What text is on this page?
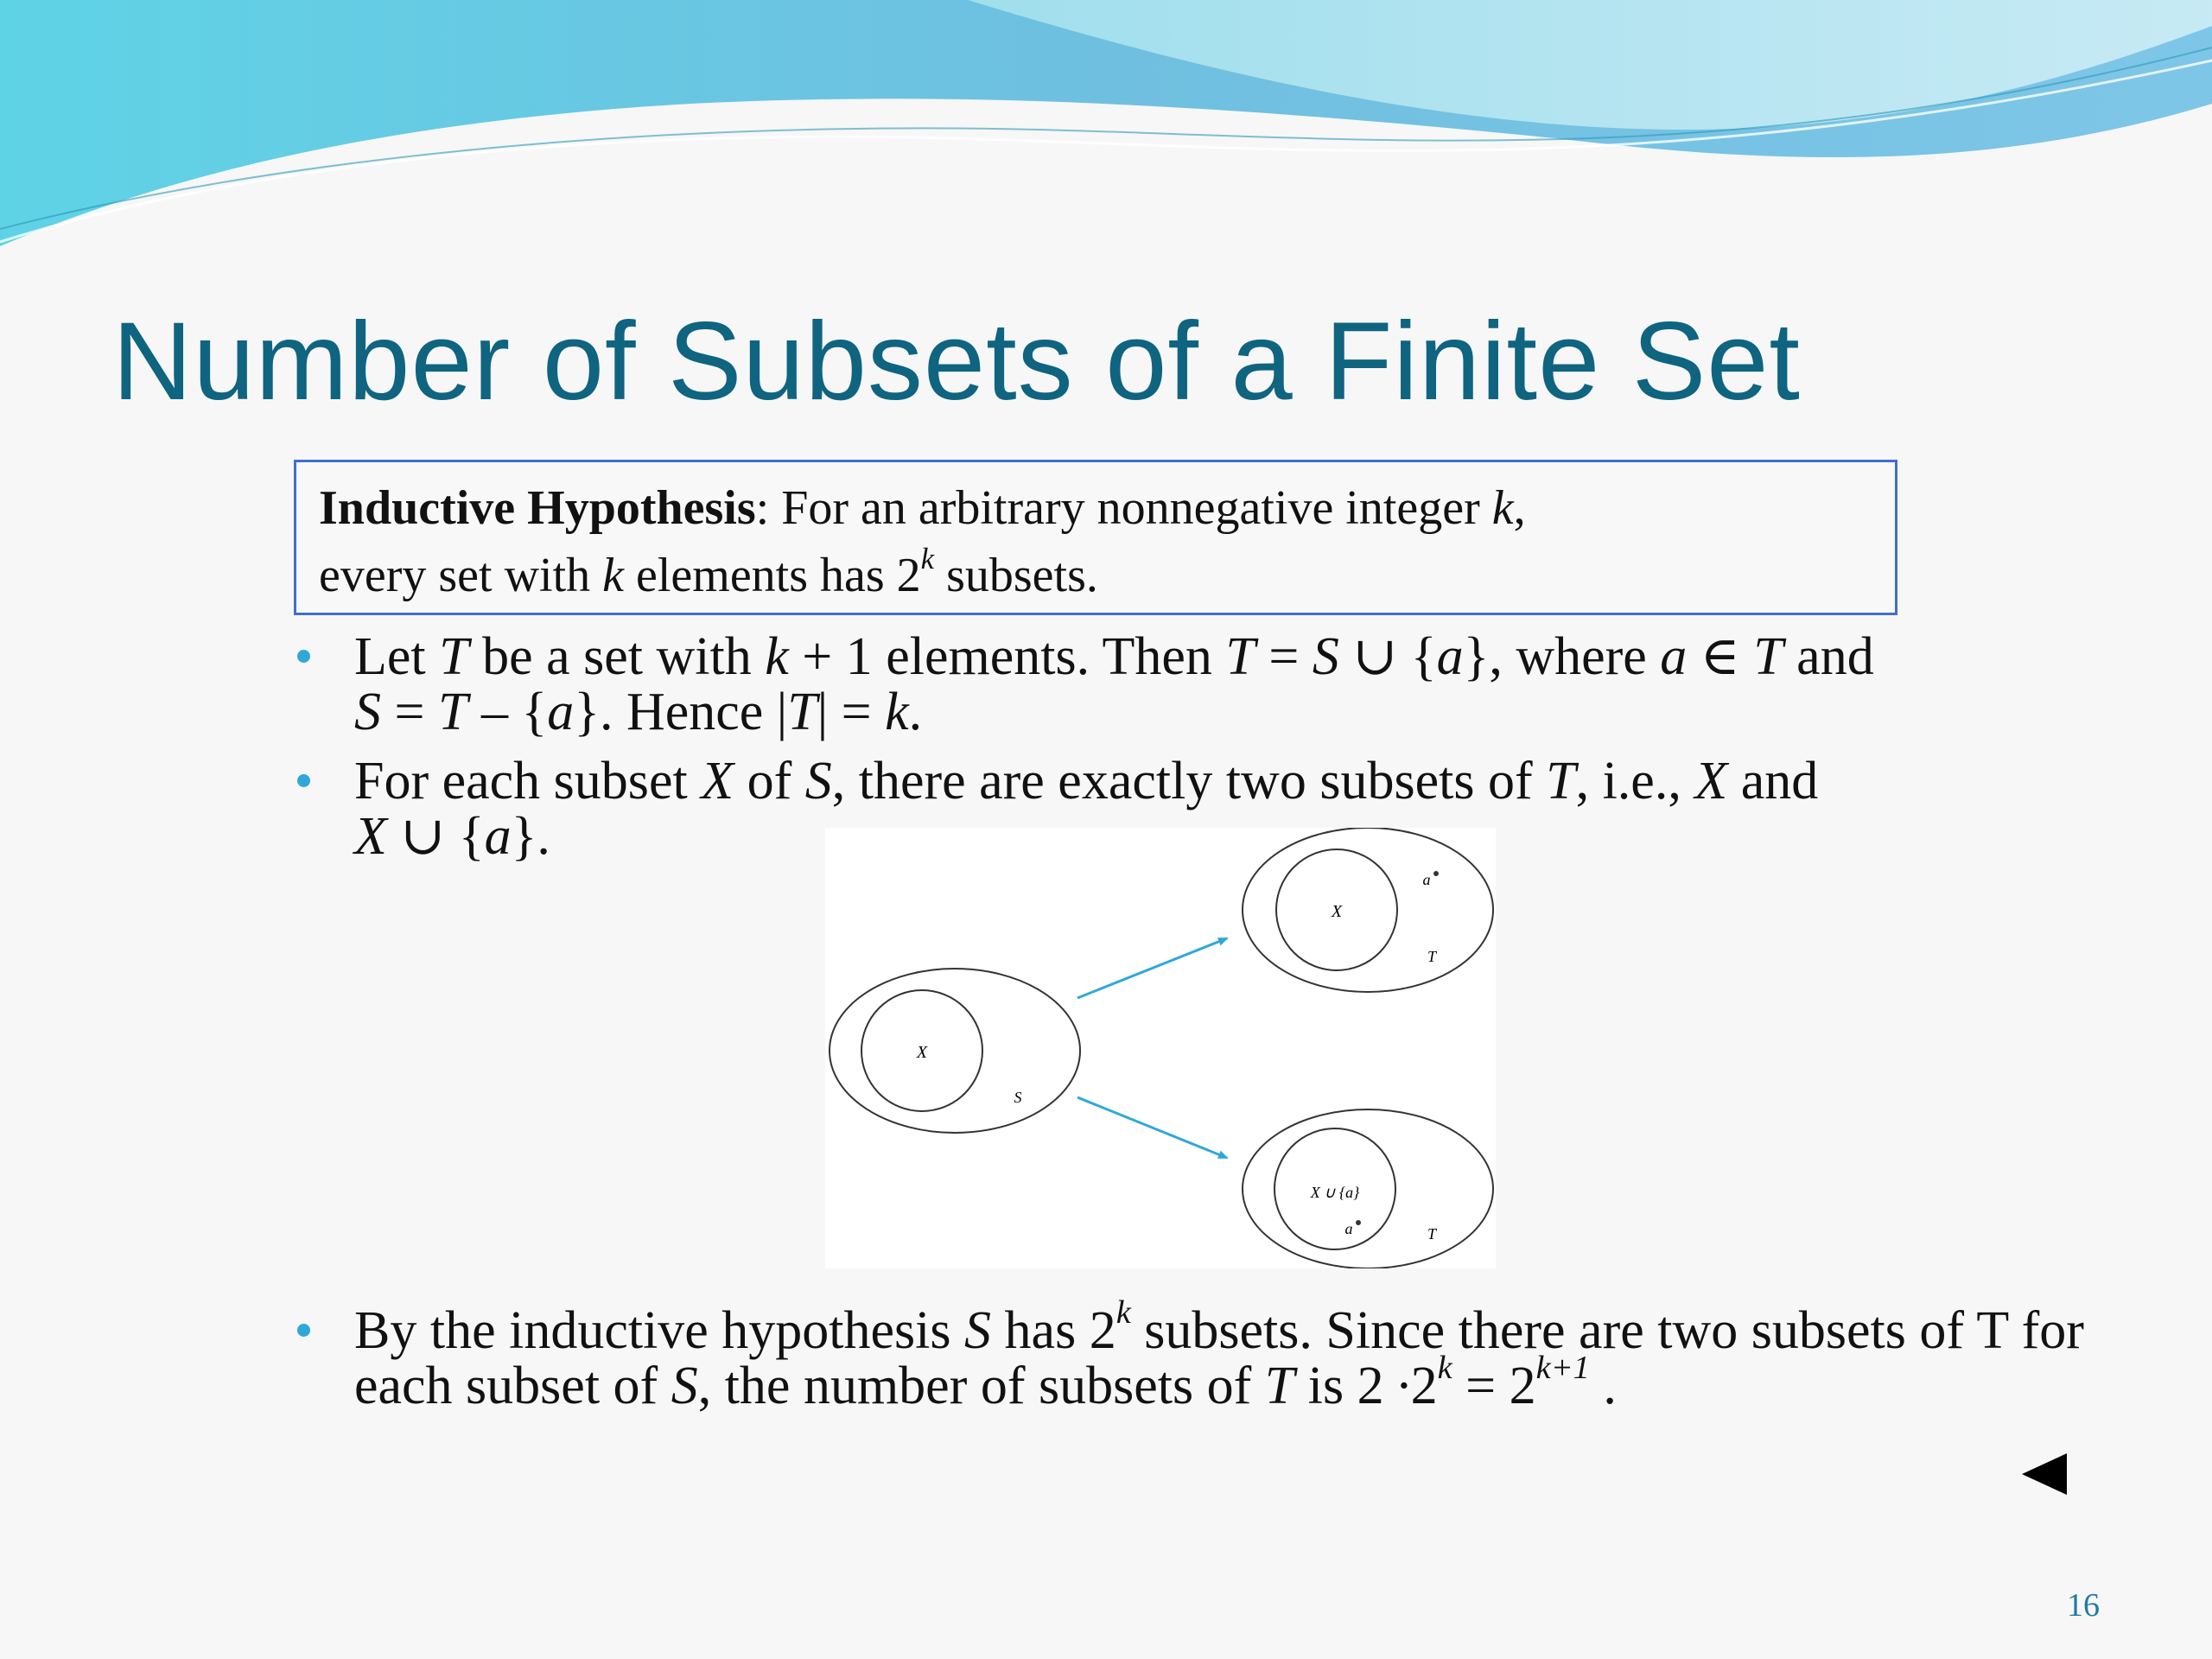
Number of Subsets of a Finite Set
Inductive Hypothesis: For an arbitrary nonnegative integer k,
every set with k elements has 2$^k$ subsets.
Let T be a set with k + 1 elements. Then T = S ∪ {a}, where a ∈ T and
S = T – {a}. Hence |T| = k.
For each subset X of S, there are exactly two subsets of T, i.e., X and
X ∪ {a}.
X
S
X
a
T
X ∪ {a}
a	T
By the inductive hypothesis S has 2$^k$ subsets. Since there are two subsets of T for each subset of S, the number of subsets of T is $2 \cdot 2^k = 2^{k+1}$ .
16
